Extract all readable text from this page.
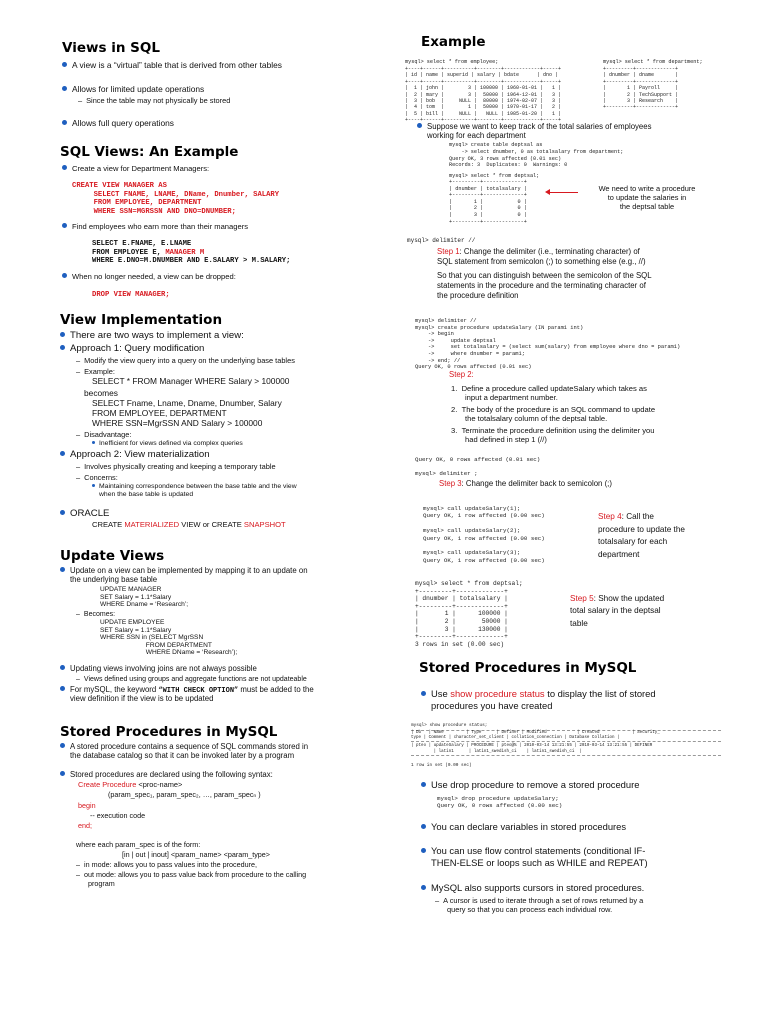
Views in SQL
A view is a “virtual” table that is derived from other tables
Allows for limited update operations
– Since the table may not physically be stored
Allows full query operations
SQL Views: An Example
Create a view for Department Managers:
CREATE VIEW MANAGER AS
SELECT FNAME, LNAME, DName, Dnumber, SALARY
FROM EMPLOYEE, DEPARTMENT
WHERE SSN=MGRSSN AND DNO=DNUMBER;
Find employees who earn more than their managers
SELECT E.FNAME, E.LNAME
FROM EMPLOYEE E, MANAGER M
WHERE E.DNO=M.DNUMBER AND E.SALARY > M.SALARY;
When no longer needed, a view can be dropped:
DROP VIEW MANAGER;
View Implementation
There are two ways to implement a view:
Approach 1: Query modification
– Modify the view query into a query on the underlying base tables
– Example:
SELECT * FROM Manager WHERE Salary > 100000
becomes
SELECT Fname, Lname, Dname, Dnumber, Salary
FROM EMPLOYEE, DEPARTMENT
WHERE SSN=MgrSSN AND Salary > 100000
– Disadvantage:
Inefficient for views defined via complex queries
Approach 2: View materialization
– Involves physically creating and keeping a temporary table
– Concerns:
Maintaining correspondence between the base table and the view
when the base table is updated
ORACLE
CREATE MATERIALIZED VIEW or CREATE SNAPSHOT
Update Views
Update on a view can be implemented by mapping it to an update on
the underlying base table
UPDATE MANAGER
SET Salary = 1.1*Salary
WHERE Dname = ‘Research’;
– Becomes:
UPDATE EMPLOYEE
SET Salary = 1.1*Salary
WHERE SSN in (SELECT MgrSSN
FROM DEPARTMENT
WHERE DName = ‘Research’);
Updating views involving joins are not always possible
– Views defined using groups and aggregate functions are not updateable
For mySQL, the keyword “WITH CHECK OPTION” must be added to the
view definition if the view is to be updated
Stored Procedures in MySQL
A stored procedure contains a sequence of SQL commands stored in
the database catalog so that it can be invoked later by a program
Stored procedures are declared using the following syntax:
Create Procedure <proc-name>
(param_spec₁, param_spec₂, …, param_specₙ )
begin
-- execution code
end;
where each param_spec is of the form:
[in | out | inout] <param_name> <param_type>
– in mode: allows you to pass values into the procedure,
– out mode: allows you to pass value back from procedure to the calling
program
Example
mysql> select * from employee;	mysql> select * from department;
+----+------+----------+--------+------------+-----+
| id | name | superid | salary | bdate      | dno |
+----+------+----------+--------+------------+-----+
|  1 | john |        3 | 100000 | 1960-01-01 |   1 |
|  2 | mary |        3 |  50000 | 1964-12-01 |   3 |
|  3 | bob  |     NULL |  80000 | 1974-02-07 |   3 |
|  4 | tom  |        1 |  50000 | 1970-01-17 |   2 |
|  5 | bill |     NULL |   NULL | 1985-01-20 |   1 |
+----+------+----------+--------+------------+-----+
+---------+-------------+
| dnumber | dname       |
+---------+-------------+
|       1 | Payroll     |
|       2 | TechSupport |
|       3 | Research    |
+---------+-------------+
Suppose we want to keep track of the total salaries of employees
working for each department
mysql> create table deptsal as
-> select dnumber, 0 as totalsalary from department;
Query OK, 3 rows affected (0.01 sec)
Records: 3  Duplicates: 0  Warnings: 0
mysql> select * from deptsal;
+---------+-------------+
| dnumber | totalsalary |
+---------+-------------+
|       1 |           0 |
|       2 |           0 |
|       3 |           0 |
+---------+-------------+
We need to write a procedure
to update the salaries in
the deptsal table
mysql> delimiter //
Step 1: Change the delimiter (i.e., terminating character) of
SQL statement from semicolon (;) to something else (e.g., //)
So that you can distinguish between the semicolon of the SQL
statements in the procedure and the terminating character of
the procedure definition
mysql> delimiter //
mysql> create procedure updateSalary (IN param1 int)
-> begin
->     update deptsal
->     set totalsalary = (select sum(salary) from employee where dno = param1)
->     where dnumber = param1;
-> end; //
Query OK, 0 rows affected (0.01 sec)
Step 2:
1.  Define a procedure called updateSalary which takes as
input a department number.
2.  The body of the procedure is an SQL command to update
the totalsalary column of the deptsal table.
3.  Terminate the procedure definition using the delimiter you
had defined in step 1 (//)
Query OK, 0 rows affected (0.01 sec)

mysql> delimiter ;
Step 3: Change the delimiter back to semicolon (;)
mysql> call updateSalary(1);
Query OK, 1 row affected (0.00 sec)

mysql> call updateSalary(2);
Query OK, 1 row affected (0.00 sec)

mysql> call updateSalary(3);
Query OK, 1 row affected (0.00 sec)
Step 4: Call the
procedure to update the
totalsalary for each
department
mysql> select * from deptsal;
+---------+-------------+
| dnumber | totalsalary |
+---------+-------------+
|       1 |      100000 |
|       2 |       50000 |
|       3 |      130000 |
+---------+-------------+
3 rows in set (0.00 sec)
Step 5: Show the updated
total salary in the deptsal
table
Stored Procedures in MySQL
Use show procedure status to display the list of stored
procedures you have created
mysql> show procedure status;
| Db   | Name         | Type      | Definer | Modified            | Created             | Security_
type | Comment | character_set_client | collation_connection | Database Collation |
| pteo | updateSalary | PROCEDURE | pteo@% | 2010-03-14 13:21:55 | 2010-03-14 13:21:55 | DEFINER
| latin1      | latin1_swedish_ci    | latin1_swedish_ci  |
1 row in set (0.00 sec)
Use drop procedure to remove a stored procedure
mysql> drop procedure updateSalary;
Query OK, 0 rows affected (0.00 sec)
You can declare variables in stored procedures
You can use flow control statements (conditional IF-
THEN-ELSE or loops such as WHILE and REPEAT)
MySQL also supports cursors in stored procedures.
– A cursor is used to iterate through a set of rows returned by a
query so that you can process each individual row.
